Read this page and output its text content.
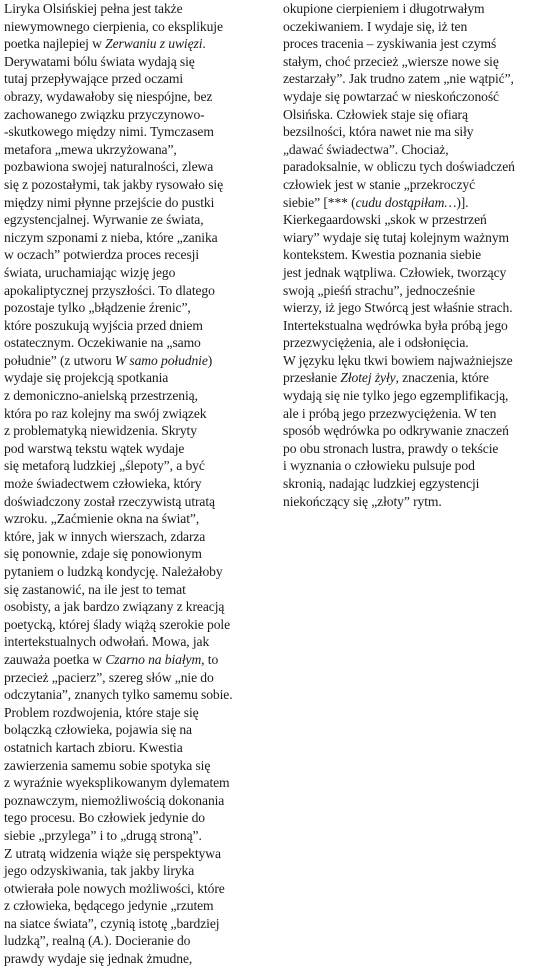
Liryka Olsińskiej pełna jest także
niewymownego cierpienia, co eksplikuje
poetka najlepiej w Zerwaniu z uwięzi.
Derywatami bólu świata wydają się
tutaj przepływające przed oczami
obrazy, wydawałoby się niespójne, bez
zachowanego związku przyczynowo-
-skutkowego między nimi. Tymczasem
metafora „mewa ukrzyżowana”,
pozbawiona swojej naturalności, zlewa
się z pozostałymi, tak jakby rysowało się
między nimi płynne przejście do pustki
egzystencjalnej. Wyrwanie ze świata,
niczym szponami z nieba, które „zanika
w oczach” potwierdza proces recesji
świata, uruchamiając wizję jego
apokaliptycznej przyszłości. To dlatego
pozostaje tylko „błądzenie źrenic”,
które poszukują wyjścia przed dniem
ostatecznym. Oczekiwanie na „samo
południe” (z utworu W samo południe)
wydaje się projekcją spotkania
z demoniczno-anielską przestrzenią,
która po raz kolejny ma swój związek
z problematyką niewidzenia. Skryty
pod warstwą tekstu wątek wydaje
się metaforą ludzkiej „ślepoty”, a być
może świadectwem człowieka, który
doświadczony został rzeczywistą utratą
wzroku. „Zaćmienie okna na świat”,
które, jak w innych wierszach, zdarza
się ponownie, zdaje się ponowionym
pytaniem o ludzką kondycję. Należałoby
się zastanowić, na ile jest to temat
osobisty, a jak bardzo związany z kreacją
poetycką, której ślady wiążą szerokie pole
intertekstualnych odwołań. Mowa, jak
zauważa poetka w Czarno na białym, to
przecież „pacierz”, szereg słów „nie do
odczytania”, znanych tylko samemu sobie.
Problem rozdwojenia, które staje się
bolączką człowieka, pojawia się na
ostatnich kartach zbioru. Kwestia
zawierzenia samemu sobie spotyka się
z wyraźnie wyeksplikowanym dylematem
poznawczym, niemożliwością dokonania
tego procesu. Bo człowiek jedynie do
siebie „przylega” i to „drugą stroną”.
Z utratą widzenia wiąże się perspektywa
jego odzyskiwania, tak jakby liryka
otwierała pole nowych możliwości, które
z człowieka, będącego jedynie „rzutem
na siatce świata”, czynią istotę „bardziej
ludzką”, realną (A.). Docieranie do
prawdy wydaje się jednak żmudne,
okupione cierpieniem i długotrwałym
oczekiwaniem. I wydaje się, iż ten
proces tracenia – zyskiwania jest czymś
stałym, choć przecież „wiersze nowe się
zestarzały”. Jak trudno zatem „nie wątpić”,
wydaje się powtarzać w nieskończoność
Olsińska. Człowiek staje się ofiarą
bezsilności, która nawet nie ma siły
„dawać świadectwa”. Chociaż,
paradoksalnie, w obliczu tych doświadczeń
człowiek jest w stanie „przekroczyć
siebie” [*** (cudu dostąpiłam…)].
Kierkegaardowski „skok w przestrzeń
wiary” wydaje się tutaj kolejnym ważnym
kontekstem. Kwestia poznania siebie
jest jednak wątpliwa. Człowiek, tworzący
swoją „pieśń strachu”, jednocześnie
wierzy, iż jego Stwórcą jest właśnie strach.
Intertekstualna wędrówka była próbą jego
przezwyciężenia, ale i odsłonięcia.
W języku lęku tkwi bowiem najważniejsze
przesłanie Złotej żyły, znaczenia, które
wydają się nie tylko jego egzemplifikacją,
ale i próbą jego przezwyciężenia. W ten
sposób wędrówka po odkrywanie znaczeń
po obu stronach lustra, prawdy o tekście
i wyznania o człowieku pulsuje pod
skronią, nadając ludzkiej egzystencji
niekończący się „złoty” rytm.
